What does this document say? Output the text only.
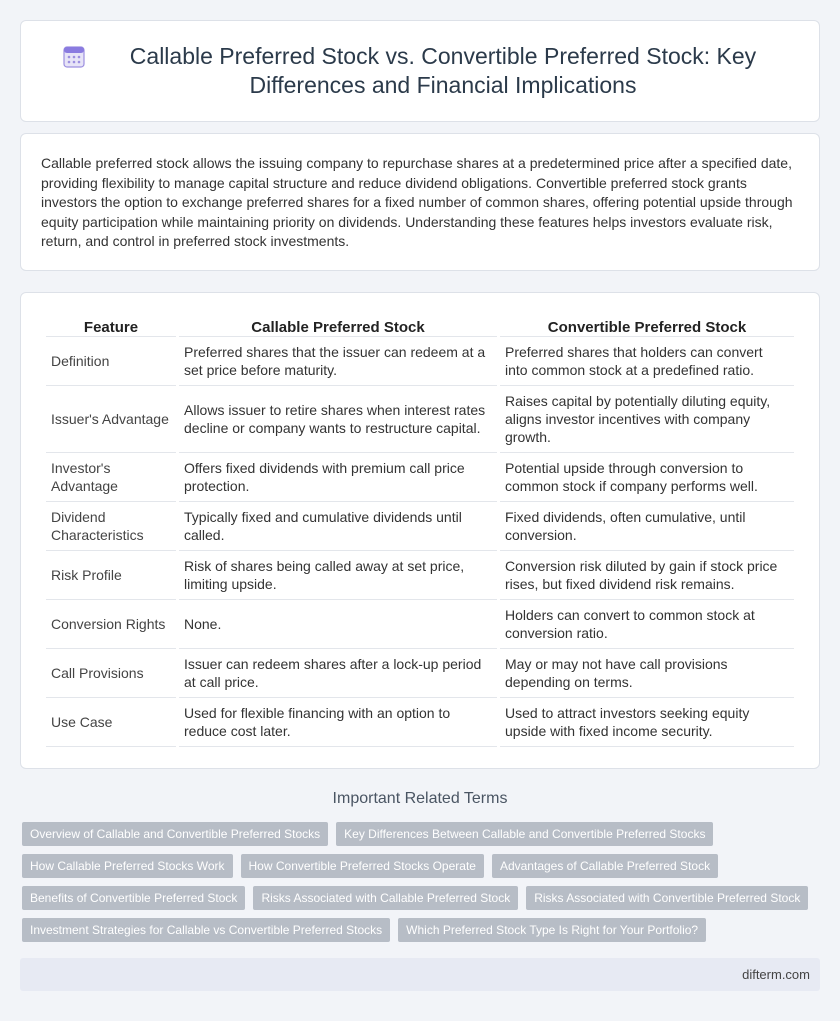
Callable Preferred Stock vs. Convertible Preferred Stock: Key Differences and Financial Implications

Callable preferred stock allows the issuing company to repurchase shares at a predetermined price after a specified date, providing flexibility to manage capital structure and reduce dividend obligations. Convertible preferred stock grants investors the option to exchange preferred shares for a fixed number of common shares, offering potential upside through equity participation while maintaining priority on dividends. Understanding these features helps investors evaluate risk, return, and control in preferred stock investments.

Feature	Callable Preferred Stock	Convertible Preferred Stock
Definition	Preferred shares that the issuer can redeem at a set price before maturity.	Preferred shares that holders can convert into common stock at a predefined ratio.
Issuer's Advantage	Allows issuer to retire shares when interest rates decline or company wants to restructure capital.	Raises capital by potentially diluting equity, aligns investor incentives with company growth.
Investor's Advantage	Offers fixed dividends with premium call price protection.	Potential upside through conversion to common stock if company performs well.
Dividend Characteristics	Typically fixed and cumulative dividends until called.	Fixed dividends, often cumulative, until conversion.
Risk Profile	Risk of shares being called away at set price, limiting upside.	Conversion risk diluted by gain if stock price rises, but fixed dividend risk remains.
Conversion Rights	None.	Holders can convert to common stock at conversion ratio.
Call Provisions	Issuer can redeem shares after a lock-up period at call price.	May or may not have call provisions depending on terms.
Use Case	Used for flexible financing with an option to reduce cost later.	Used to attract investors seeking equity upside with fixed income security.
Important Related Terms
Overview of Callable and Convertible Preferred Stocks	Key Differences Between Callable and Convertible Preferred Stocks
How Callable Preferred Stocks Work	How Convertible Preferred Stocks Operate	Advantages of Callable Preferred Stock
Benefits of Convertible Preferred Stock	Risks Associated with Callable Preferred Stock	Risks Associated with Convertible Preferred Stock
Investment Strategies for Callable vs Convertible Preferred Stocks	Which Preferred Stock Type Is Right for Your Portfolio?
difterm.com
